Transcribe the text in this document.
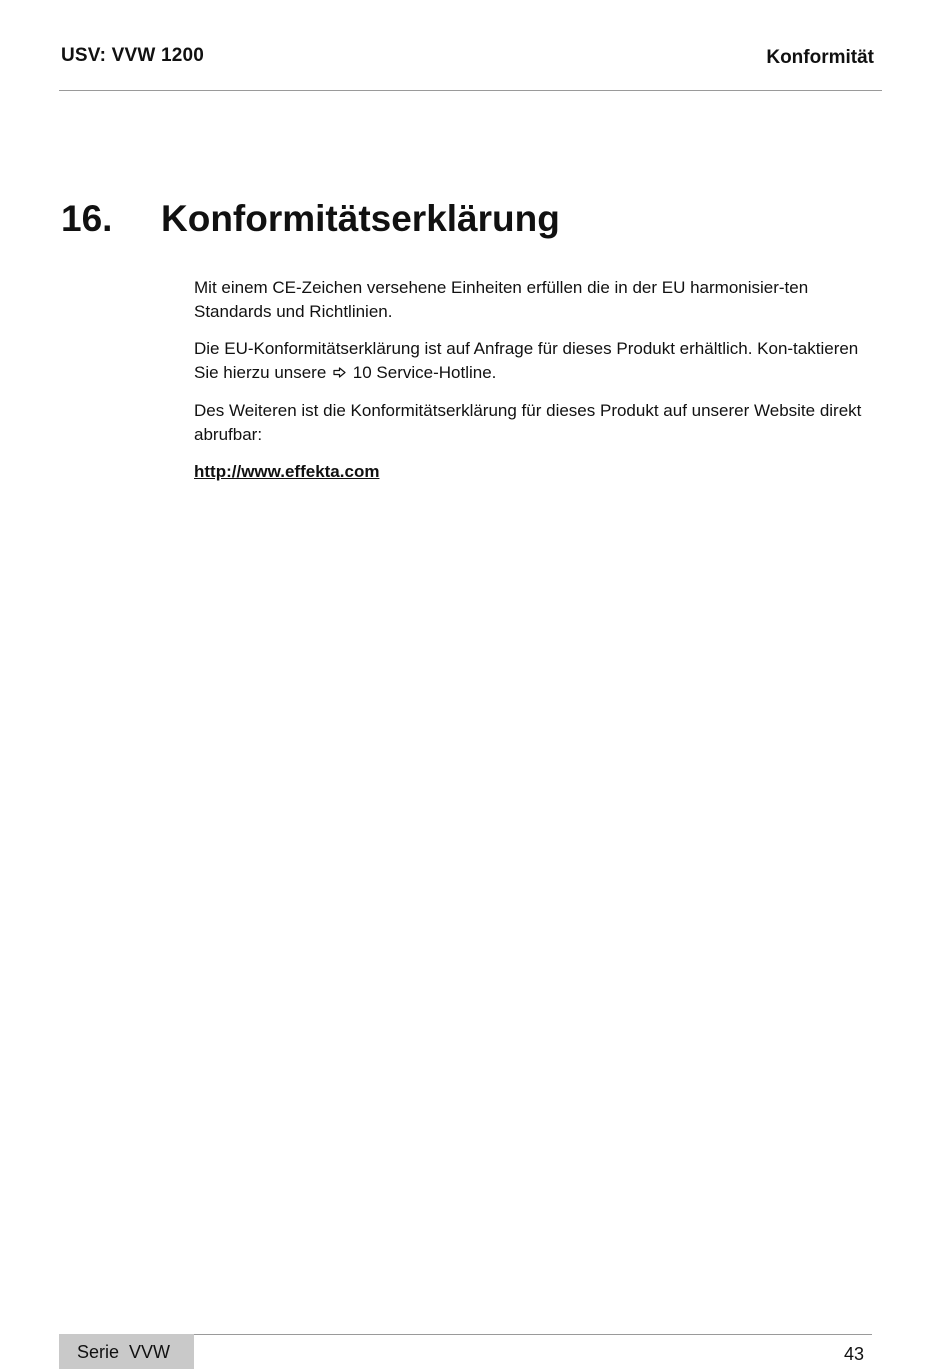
USV: VVW 1200	Konformität
16. Konformitätserklärung

Mit einem CE-Zeichen versehene Einheiten erfüllen die in der EU harmonisier-ten Standards und Richtlinien.

Die EU-Konformitätserklärung ist auf Anfrage für dieses Produkt erhältlich. Kon-taktieren Sie hierzu unsere 10 Service-Hotline.

Des Weiteren ist die Konformitätserklärung für dieses Produkt auf unserer Website direkt abrufbar:

http://www.effekta.com

Serie  VVW	43
